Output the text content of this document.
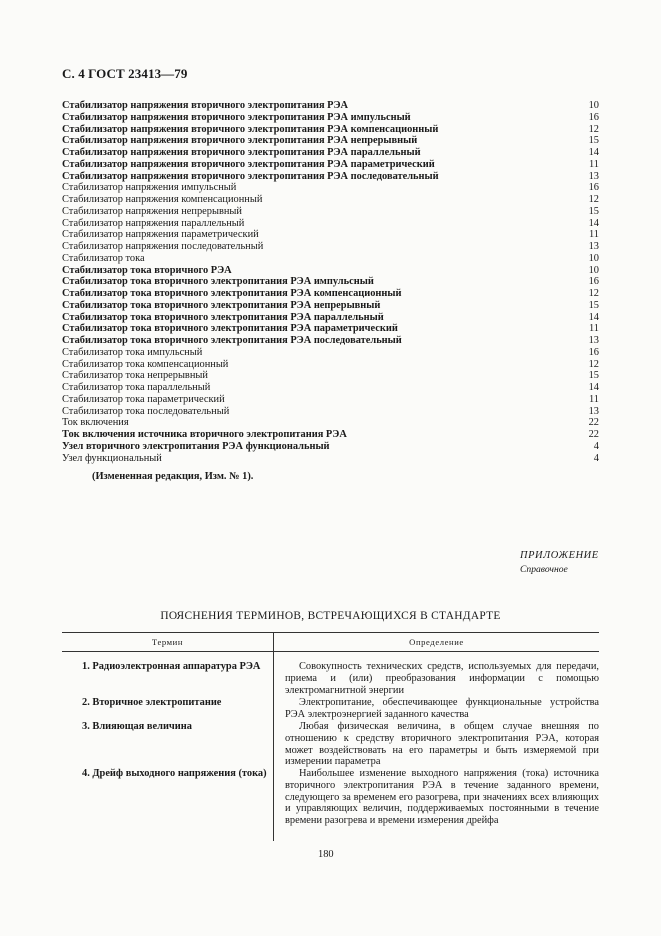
С. 4 ГОСТ 23413—79
Стабилизатор напряжения вторичного электропитания РЭА	10
Стабилизатор напряжения вторичного электропитания РЭА импульсный	16
Стабилизатор напряжения вторичного электропитания РЭА компенсационный	12
Стабилизатор напряжения вторичного электропитания РЭА непрерывный	15
Стабилизатор напряжения вторичного электропитания РЭА параллельный	14
Стабилизатор напряжения вторичного электропитания РЭА параметрический	11
Стабилизатор напряжения вторичного электропитания РЭА последовательный	13
Стабилизатор напряжения импульсный	16
Стабилизатор напряжения компенсационный	12
Стабилизатор напряжения непрерывный	15
Стабилизатор напряжения параллельный	14
Стабилизатор напряжения параметрический	11
Стабилизатор напряжения последовательный	13
Стабилизатор тока	10
Стабилизатор тока вторичного РЭА	10
Стабилизатор тока вторичного электропитания РЭА импульсный	16
Стабилизатор тока вторичного электропитания РЭА компенсационный	12
Стабилизатор тока вторичного электропитания РЭА непрерывный	15
Стабилизатор тока вторичного электропитания РЭА параллельный	14
Стабилизатор тока вторичного электропитания РЭА параметрический	11
Стабилизатор тока вторичного электропитания РЭА последовательный	13
Стабилизатор тока импульсный	16
Стабилизатор тока компенсационный	12
Стабилизатор тока непрерывный	15
Стабилизатор тока параллельный	14
Стабилизатор тока параметрический	11
Стабилизатор тока последовательный	13
Ток включения	22
Ток включения источника вторичного электропитания РЭА	22
Узел вторичного электропитания РЭА функциональный	4
Узел функциональный	4
(Измененная редакция, Изм. № 1).
ПРИЛОЖЕНИЕ
Справочное
ПОЯСНЕНИЯ ТЕРМИНОВ, ВСТРЕЧАЮЩИХСЯ В СТАНДАРТЕ
Термин	Определение
1. Радиоэлектронная аппаратура РЭА	Совокупность технических средств, используемых для передачи, приема и (или) преобразования информации с помощью электромагнитной энергии
2. Вторичное электропитание	Электропитание, обеспечивающее функциональные устройства РЭА электроэнергией заданного качества
3. Влияющая величина	Любая физическая величина, в общем случае внешняя по отношению к средству вторичного электропитания РЭА, которая может воздействовать на его параметры и быть измеряемой при измерении параметра
4. Дрейф выходного напряжения (тока)	Наибольшее изменение выходного напряжения (тока) источника вторичного электропитания РЭА в течение заданного времени, следующего за временем его разогрева, при значениях всех влияющих и управляющих величин, поддерживаемых постоянными в течение времени разогрева и времени измерения дрейфа
180
